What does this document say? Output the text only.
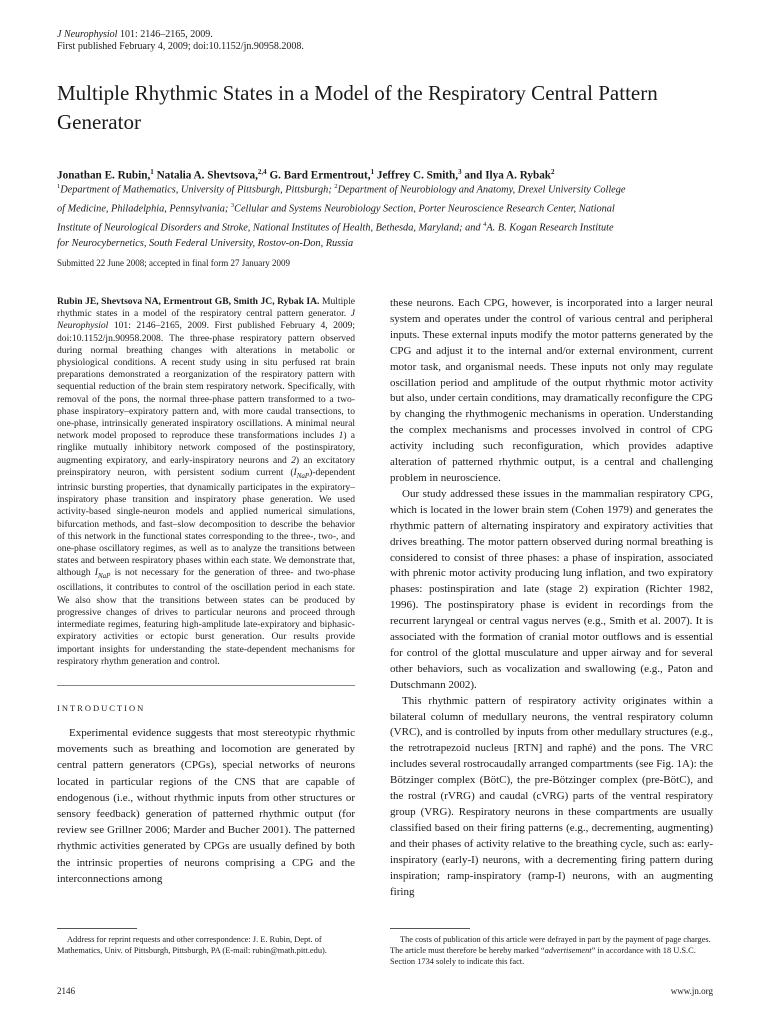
J Neurophysiol 101: 2146–2165, 2009.
First published February 4, 2009; doi:10.1152/jn.90958.2008.
Multiple Rhythmic States in a Model of the Respiratory Central Pattern Generator
Jonathan E. Rubin,$^1$ Natalia A. Shevtsova,$^{2,4}$ G. Bard Ermentrout,$^1$ Jeffrey C. Smith,$^3$ and Ilya A. Rybak$^2$
$^1$Department of Mathematics, University of Pittsburgh, Pittsburgh; $^2$Department of Neurobiology and Anatomy, Drexel University College
of Medicine, Philadelphia, Pennsylvania; $^3$Cellular and Systems Neurobiology Section, Porter Neuroscience Research Center, National
Institute of Neurological Disorders and Stroke, National Institutes of Health, Bethesda, Maryland; and $^4$A. B. Kogan Research Institute
for Neurocybernetics, South Federal University, Rostov-on-Don, Russia
Submitted 22 June 2008; accepted in final form 27 January 2009

Rubin JE, Shevtsova NA, Ermentrout GB, Smith JC, Rybak IA. Multiple rhythmic states in a model of the respiratory central pattern generator. J Neurophysiol 101: 2146–2165, 2009. First published February 4, 2009; doi:10.1152/jn.90958.2008. The three-phase respiratory pattern observed during normal breathing changes with alterations in metabolic or physiological conditions. A recent study using in situ perfused rat brain preparations demonstrated a reorganization of the respiratory pattern with sequential reduction of the brain stem respiratory network. Specifically, with removal of the pons, the normal three-phase pattern transformed to a two-phase inspiratory–expiratory pattern and, with more caudal transections, to one-phase, intrinsically generated inspiratory oscillations. A minimal neural network model proposed to reproduce these transformations includes 1) a ringlike mutually inhibitory network composed of the postinspiratory, augmenting expiratory, and early-inspiratory neurons and 2) an excitatory preinspiratory neuron, with persistent sodium current $(I_{NaP})$-dependent intrinsic bursting properties, that dynamically participates in the expiratory–inspiratory phase transition and inspiratory phase generation. We used activity-based single-neuron models and applied numerical simulations, bifurcation methods, and fast–slow decomposition to describe the behavior of this network in the functional states corresponding to the three-, two-, and one-phase oscillatory regimes, as well as to analyze the transitions between states and between respiratory phases within each state. We demonstrate that, although $I_{NaP}$ is not necessary for the generation of three- and two-phase oscillations, it contributes to control of the oscillation period in each state. We also show that the transitions between states can be produced by progressive changes of drives to particular neurons and proceed through intermediate regimes, featuring high-amplitude late-expiratory and biphasic-expiratory activities or ectopic burst generation. Our results provide important insights for understanding the state-dependent mechanisms for respiratory rhythm generation and control.

INTRODUCTION

Experimental evidence suggests that most stereotypic rhythmic movements such as breathing and locomotion are generated by central pattern generators (CPGs), special networks of neurons located in particular regions of the CNS that are capable of endogenous (i.e., without rhythmic inputs from other structures or sensory feedback) generation of patterned rhythmic output (for review see Grillner 2006; Marder and Bucher 2001). The patterned rhythmic activities generated by CPGs are usually defined by both the intrinsic properties of neurons comprising a CPG and the interconnections among

these neurons. Each CPG, however, is incorporated into a larger neural system and operates under the control of various central and peripheral inputs. These external inputs modify the motor patterns generated by the CPG and adjust it to the internal and/or external environment, current motor task, and organismal needs. These inputs not only may regulate oscillation period and amplitude of the output rhythmic motor activity but also, under certain conditions, may dramatically reconfigure the CPG by changing the rhythmogenic mechanisms in operation. Understanding the complex mechanisms and processes involved in control of CPG activity including such reconfiguration, which provides adaptive alteration of patterned rhythmic output, is a central and challenging problem in neuroscience.

Our study addressed these issues in the mammalian respiratory CPG, which is located in the lower brain stem (Cohen 1979) and generates the rhythmic pattern of alternating inspiratory and expiratory activities that drives breathing. The motor pattern observed during normal breathing is considered to consist of three phases: a phase of inspiration, associated with phrenic motor activity producing lung inflation, and two expiratory phases: postinspiration and late (stage 2) expiration (Richter 1982, 1996). The postinspiratory phase is evident in recordings from the recurrent laryngeal or central vagus nerves (e.g., Smith et al. 2007). It is associated with the formation of cranial motor outflows and is essential for control of the glottal musculature and upper airway and for several other behaviors, such as vocalization and swallowing (e.g., Paton and Dutschmann 2002).

This rhythmic pattern of respiratory activity originates within a bilateral column of medullary neurons, the ventral respiratory column (VRC), and is controlled by inputs from other medullary structures (e.g., the retrotrapezoid nucleus [RTN] and raphé) and the pons. The VRC includes several rostrocaudally arranged compartments (see Fig. 1A): the Bötzinger complex (BötC), the pre-Bötzinger complex (pre-BötC), and the rostral (rVRG) and caudal (cVRG) parts of the ventral respiratory group (VRG). Respiratory neurons in these compartments are usually classified based on their firing patterns (e.g., decrementing, augmenting) and their phases of activity relative to the breathing cycle, such as: early-inspiratory (early-I) neurons, with a decrementing firing pattern during inspiration; ramp-inspiratory (ramp-I) neurons, with an augmenting firing

Address for reprint requests and other correspondence: J. E. Rubin, Dept. of Mathematics, Univ. of Pittsburgh, Pittsburgh, PA (E-mail: rubin@math.pitt.edu).

The costs of publication of this article were defrayed in part by the payment of page charges. The article must therefore be hereby marked “advertisement” in accordance with 18 U.S.C. Section 1734 solely to indicate this fact.

2146	www.jn.org
